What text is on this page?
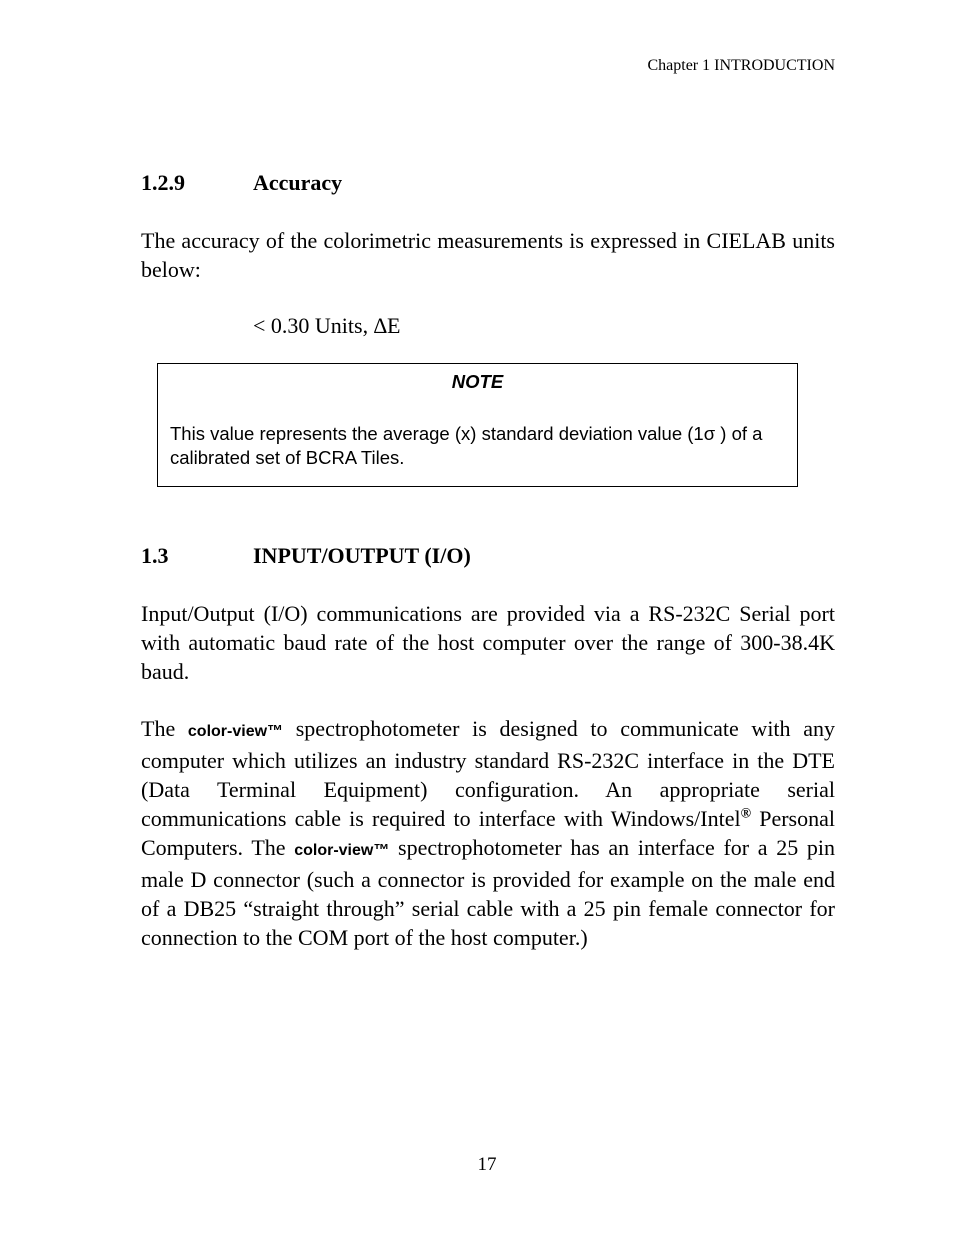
Chapter 1 INTRODUCTION
1.2.9	Accuracy
The accuracy of the colorimetric measurements is expressed in CIELAB units below:
< 0.30 Units, ∆E
NOTE
This value represents the average (x) standard deviation value (1σ ) of a calibrated set of BCRA Tiles.
1.3	INPUT/OUTPUT (I/O)
Input/Output (I/O) communications are provided via a RS-232C Serial port with automatic baud rate of the host computer over the range of 300-38.4K baud.
The color-view™ spectrophotometer is designed to communicate with any computer which utilizes an industry standard RS-232C interface in the DTE (Data Terminal Equipment) configuration. An appropriate serial communications cable is required to interface with Windows/Intel® Personal Computers. The color-view™ spectrophotometer has an interface for a 25 pin male D connector (such a connector is provided for example on the male end of a DB25 “straight through” serial cable with a 25 pin female connector for connection to the COM port of the host computer.)
17
